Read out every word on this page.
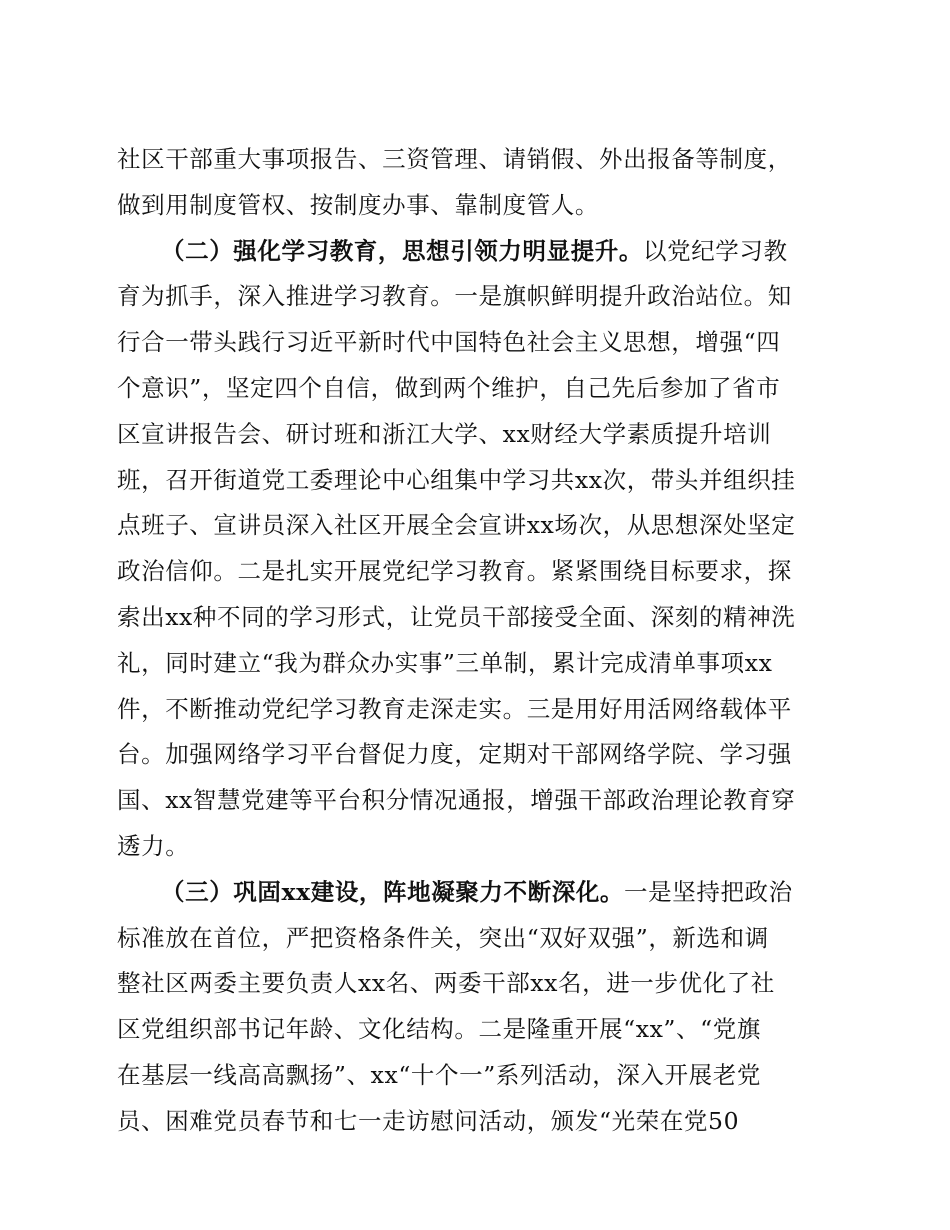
社区干部重大事项报告、三资管理、请销假、外出报备等制度，
做到用制度管权、按制度办事、靠制度管人。
（二）强化学习教育，思想引领力明显提升。以党纪学习教
育为抓手，深入推进学习教育。一是旗帜鲜明提升政治站位。知
行合一带头践行习近平新时代中国特色社会主义思想，增强“四
个意识”，坚定四个自信，做到两个维护，自己先后参加了省市
区宣讲报告会、研讨班和浙江大学、xx财经大学素质提升培训
班，召开街道党工委理论中心组集中学习共xx次，带头并组织挂
点班子、宣讲员深入社区开展全会宣讲xx场次，从思想深处坚定
政治信仰。二是扎实开展党纪学习教育。紧紧围绕目标要求，探
索出xx种不同的学习形式，让党员干部接受全面、深刻的精神洗
礼，同时建立“我为群众办实事”三单制，累计完成清单事项xx
件，不断推动党纪学习教育走深走实。三是用好用活网络载体平
台。加强网络学习平台督促力度，定期对干部网络学院、学习强
国、xx智慧党建等平台积分情况通报，增强干部政治理论教育穿
透力。
（三）巩固xx建设，阵地凝聚力不断深化。一是坚持把政治
标准放在首位，严把资格条件关，突出“双好双强”，新选和调
整社区两委主要负责人xx名、两委干部xx名，进一步优化了社
区党组织部书记年龄、文化结构。二是隆重开展“xx”、“党旗
在基层一线高高飘扬”、xx“十个一”系列活动，深入开展老党
员、困难党员春节和七一走访慰问活动，颁发“光荣在党50
